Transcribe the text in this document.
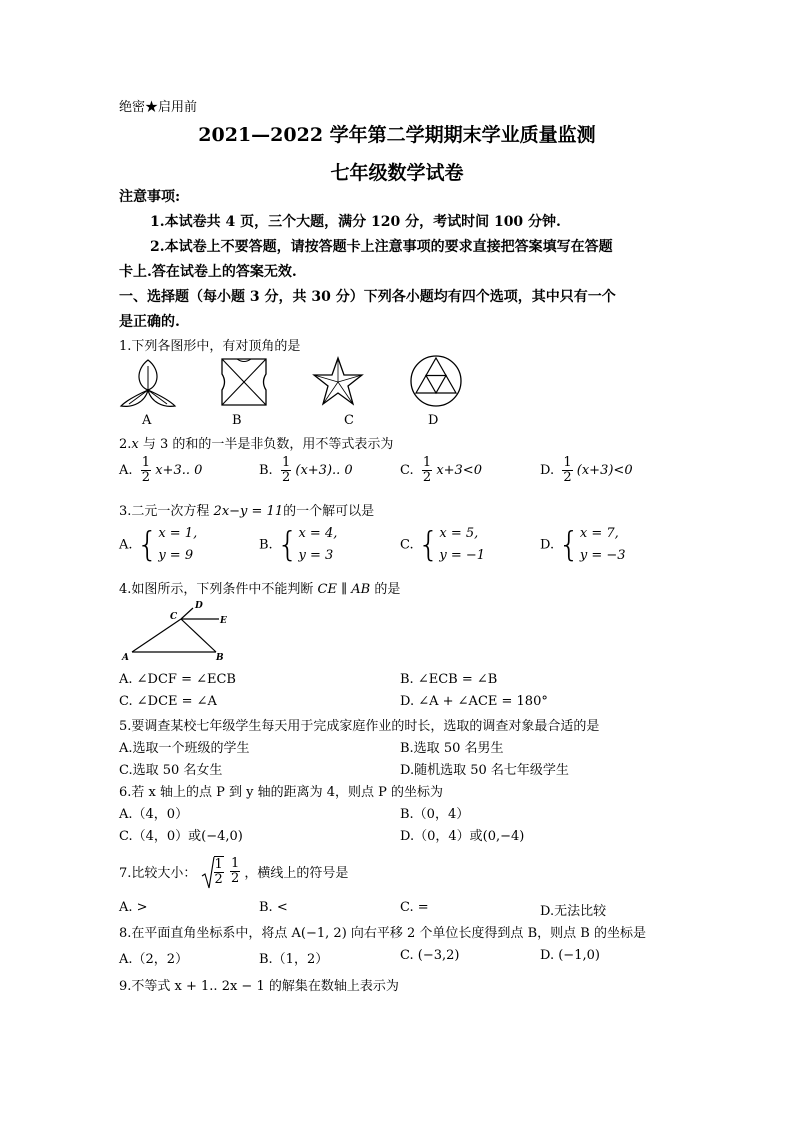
绝密★启用前
2021—2022 学年第二学期期末学业质量监测
七年级数学试卷
注意事项:
1.本试卷共 4 页，三个大题，满分 120 分，考试时间 100 分钟.
2.本试卷上不要答题，请按答题卡上注意事项的要求直接把答案填写在答题
卡上.答在试卷上的答案无效.
一、选择题（每小题 3 分，共 30 分）下列各小题均有四个选项，其中只有一个
是正确的.
1.下列各图形中，有对顶角的是
A	B	C	D
2.x 与 3 的和的一半是非负数，用不等式表示为
A. $\frac{1}{2} x+3$.. 0	B. $\frac{1}{2} (x+3)$.. 0	C. $\frac{1}{2} x+3<0$	D. $\frac{1}{2} (x+3)<0$
3.二元一次方程 2x−y = 11的一个解可以是
A. {x = 1,
y = 9
B. {x = 4,
y = 3
C. {x = 5,
y = −1
D. {x = 7,
y = −3
4.如图所示，下列条件中不能判断 CE ∥ AB 的是
A	B
C
D
E
A. ∠DCF = ∠ECB	B. ∠ECB = ∠B
C. ∠DCE = ∠A	D. ∠A + ∠ACE = 180°
5.要调查某校七年级学生每天用于完成家庭作业的时长，选取的调查对象最合适的是
A.选取一个班级的学生	B.选取 50 名男生
C.选取 50 名女生	D.随机选取 50 名七年级学生
6.若 x 轴上的点 P 到 y 轴的距离为 4，则点 P 的坐标为
A.（4，0）	B.（0，4）
C.（4，0）或(−4,0)	D.（0，4）或(0,−4)
7.比较大小： $\frac{1}{2}$
$\frac{1}{2}$ ，横线上的符号是
A. >	B. <	C. =	D.无法比较
8.在平面直角坐标系中，将点 A(−1, 2) 向右平移 2 个单位长度得到点 B，则点 B 的坐标是
A.（2，2）	B.（1，2）	C. (−3,2)	D. (−1,0)
9.不等式 x + 1.. 2x − 1 的解集在数轴上表示为
